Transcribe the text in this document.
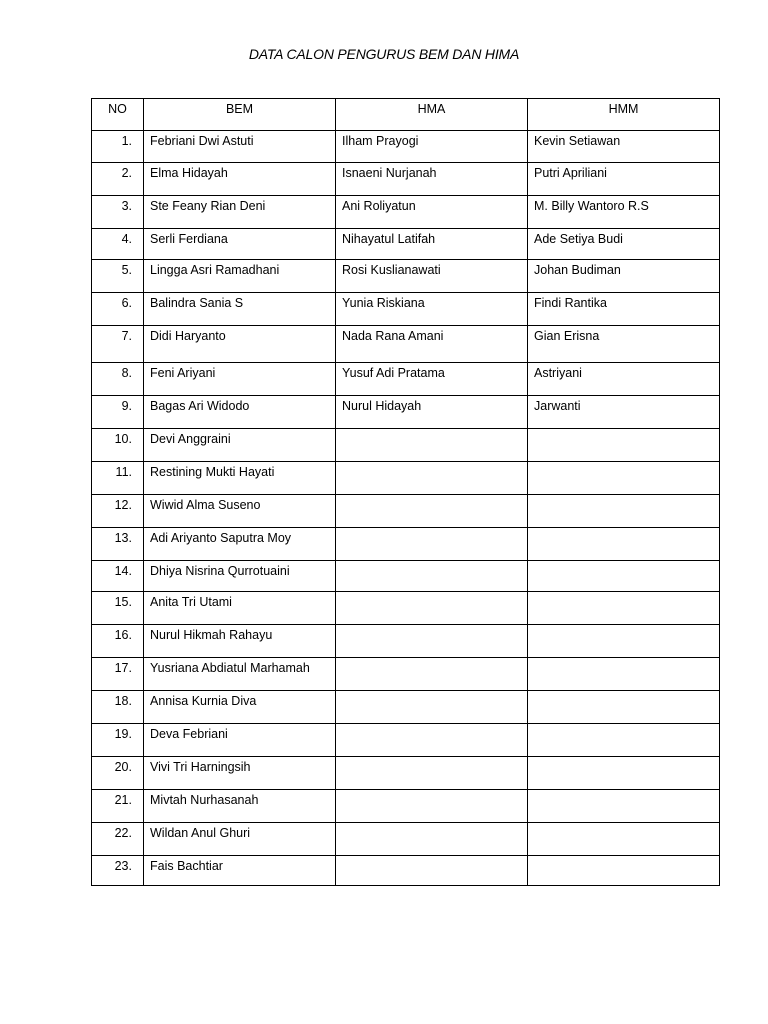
DATA CALON PENGURUS BEM DAN HIMA
NO	BEM	HMA	HMM
1.	Febriani Dwi Astuti	Ilham Prayogi	Kevin Setiawan
2.	Elma Hidayah	Isnaeni Nurjanah	Putri Apriliani
3.	Ste Feany Rian Deni	Ani Roliyatun	M. Billy Wantoro R.S
4.	Serli Ferdiana	Nihayatul Latifah	Ade Setiya Budi
5.	Lingga Asri Ramadhani	Rosi Kuslianawati	Johan Budiman
6.	Balindra Sania S	Yunia Riskiana	Findi Rantika
7.	Didi Haryanto	Nada Rana Amani	Gian Erisna
8.	Feni Ariyani	Yusuf Adi Pratama	Astriyani
9.	Bagas Ari Widodo	Nurul Hidayah	Jarwanti
10.	Devi Anggraini		
11.	Restining Mukti Hayati		
12.	Wiwid Alma Suseno		
13.	Adi Ariyanto Saputra Moy		
14.	Dhiya Nisrina Qurrotuaini		
15.	Anita Tri Utami		
16.	Nurul Hikmah Rahayu		
17.	Yusriana Abdiatul Marhamah		
18.	Annisa Kurnia Diva		
19.	Deva Febriani		
20.	Vivi Tri Harningsih		
21.	Mivtah Nurhasanah		
22.	Wildan Anul Ghuri		
23.	Fais Bachtiar		
